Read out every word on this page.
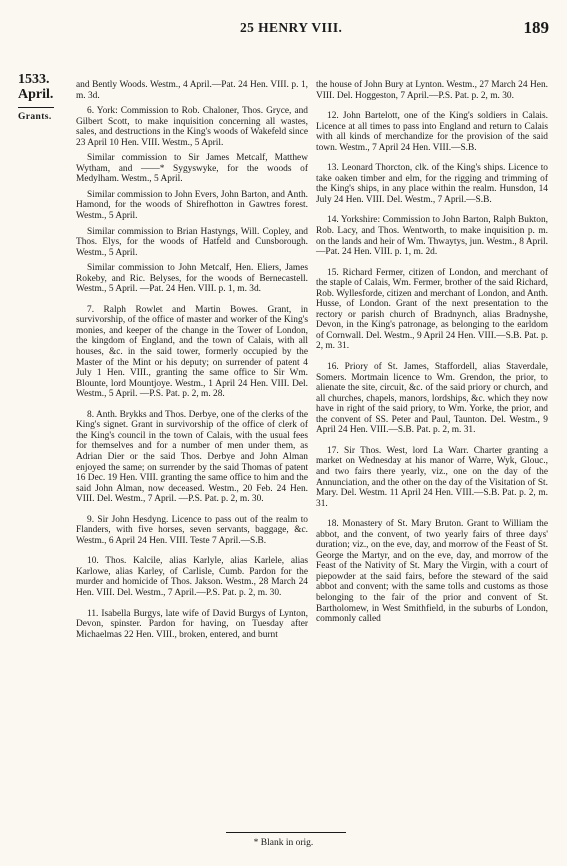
25 HENRY VIII.	189
1533.
April.
Grants.

and Bently Woods. Westm., 4 April.—Pat. 24 Hen. VIII. p. 1, m. 3d.

6. York: Commission to Rob. Chaloner, Thos. Gryce, and Gilbert Scott, to make inquisition concerning all wastes, sales, and destructions in the King's woods of Wakefeld since 23 April 10 Hen. VIII. Westm., 5 April.

Similar commission to Sir James Metcalf, Matthew Wytham, and ——* Sygyswyke, for the woods of Medylham. Westm., 5 April.

Similar commission to John Evers, John Barton, and Anth. Hamond, for the woods of Shirefhotton in Gawtres forest. Westm., 5 April.

Similar commission to Brian Hastyngs, Will. Copley, and Thos. Elys, for the woods of Hatfeld and Cunsborough. Westm., 5 April.

Similar commission to John Metcalf, Hen. Eliers, James Rokeby, and Ric. Belyses, for the woods of Bernecastell. Westm., 5 April. —Pat. 24 Hen. VIII. p. 1, m. 3d.

7. Ralph Rowlet and Martin Bowes. Grant, in survivorship, of the office of master and worker of the King's monies, and keeper of the change in the Tower of London, the kingdom of England, and the town of Calais, with all houses, &c. in the said tower, formerly occupied by the Master of the Mint or his deputy; on surrender of patent 4 July 1 Hen. VIII., granting the same office to Sir Wm. Blounte, lord Mountjoye. Westm., 1 April 24 Hen. VIII. Del. Westm., 5 April. —P.S. Pat. p. 2, m. 28.

8. Anth. Brykks and Thos. Derbye, one of the clerks of the King's signet. Grant in survivorship of the office of clerk of the King's council in the town of Calais, with the usual fees for themselves and for a number of men under them, as Adrian Dier or the said Thos. Derbye and John Alman enjoyed the same; on surrender by the said Thomas of patent 16 Dec. 19 Hen. VIII. granting the same office to him and the said John Alman, now deceased. Westm., 20 Feb. 24 Hen. VIII. Del. Westm., 7 April. —P.S. Pat. p. 2, m. 30.

9. Sir John Hesdyng. Licence to pass out of the realm to Flanders, with five horses, seven servants, baggage, &c. Westm., 6 April 24 Hen. VIII. Teste 7 April.—S.B.

10. Thos. Kalcile, alias Karlyle, alias Karlele, alias Karlowe, alias Karley, of Carlisle, Cumb. Pardon for the murder and homicide of Thos. Jakson. Westm., 28 March 24 Hen. VIII. Del. Westm., 7 April.—P.S. Pat. p. 2, m. 30.

11. Isabella Burgys, late wife of David Burgys of Lynton, Devon, spinster. Pardon for having, on Tuesday after Michaelmas 22 Hen. VIII., broken, entered, and burnt

the house of John Bury at Lynton. Westm., 27 March 24 Hen. VIII. Del. Hoggeston, 7 April.—P.S. Pat. p. 2, m. 30.

12. John Bartelott, one of the King's soldiers in Calais. Licence at all times to pass into England and return to Calais with all kinds of merchandize for the provision of the said town. Westm., 7 April 24 Hen. VIII.—S.B.

13. Leonard Thorcton, clk. of the King's ships. Licence to take oaken timber and elm, for the rigging and trimming of the King's ships, in any place within the realm. Hunsdon, 14 July 24 Hen. VIII. Del. Westm., 7 April.—S.B.

14. Yorkshire: Commission to John Barton, Ralph Bukton, Rob. Lacy, and Thos. Wentworth, to make inquisition p. m. on the lands and heir of Wm. Thwaytys, jun. Westm., 8 April.—Pat. 24 Hen. VIII. p. 1, m. 2d.

15. Richard Fermer, citizen of London, and merchant of the staple of Calais, Wm. Fermer, brother of the said Richard, Rob. Wyllesforde, citizen and merchant of London, and Anth. Husse, of London. Grant of the next presentation to the rectory or parish church of Bradnynch, alias Bradnyshe, Devon, in the King's patronage, as belonging to the earldom of Cornwall. Del. Westm., 9 April 24 Hen. VIII.—S.B. Pat. p. 2, m. 31.

16. Priory of St. James, Staffordell, alias Staverdale, Somers. Mortmain licence to Wm. Grendon, the prior, to alienate the site, circuit, &c. of the said priory or church, and all churches, chapels, manors, lordships, &c. which they now have in right of the said priory, to Wm. Yorke, the prior, and the convent of SS. Peter and Paul, Taunton. Del. Westm., 9 April 24 Hen. VIII.—S.B. Pat. p. 2, m. 31.

17. Sir Thos. West, lord La Warr. Charter granting a market on Wednesday at his manor of Warre, Wyk, Glouc., and two fairs there yearly, viz., one on the day of the Annunciation, and the other on the day of the Visitation of St. Mary. Del. Westm. 11 April 24 Hen. VIII.—S.B. Pat. p. 2, m. 31.

18. Monastery of St. Mary Bruton. Grant to William the abbot, and the convent, of two yearly fairs of three days' duration; viz., on the eve, day, and morrow of the Feast of St. George the Martyr, and on the eve, day, and morrow of the Feast of the Nativity of St. Mary the Virgin, with a court of piepowder at the said fairs, before the steward of the said abbot and convent; with the same tolls and customs as those belonging to the fair of the prior and convent of St. Bartholomew, in West Smithfield, in the suburbs of London, commonly called

* Blank in orig.
